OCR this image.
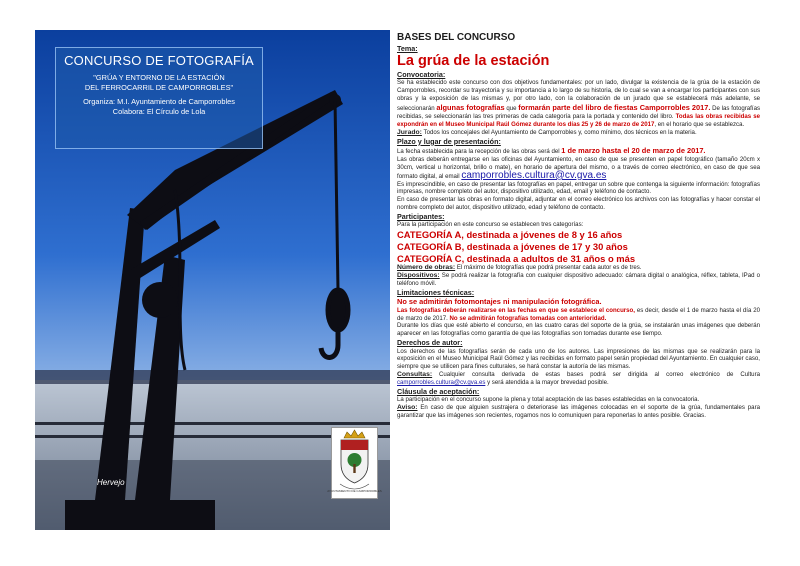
CONCURSO DE FOTOGRAFÍA
"GRÚA Y ENTORNO DE LA ESTACIÓN
DEL FERROCARRIL DE CAMPORROBLES"
Organiza: M.I. Ayuntamiento de Camporrobles
Colabora: El Círculo de Lola
Hervejo
AYUNTAMIENTO DE CAMPORROBLES

BASES DEL CONCURSO

Tema:

La grúa de la estación

Convocatoria:

Se ha establecido este concurso con dos objetivos fundamentales: por un lado, divulgar la existencia de la grúa de la estación de Camporrobles, recordar su trayectoria y su importancia a lo largo de su historia, de lo cual se van a encargar los participantes con sus obras y la exposición de las mismas y, por otro lado, con la colaboración de un jurado que se establecerá más adelante, se seleccionarán algunas fotografías que formarán parte del libro de fiestas Camporrobles 2017. De las fotografías recibidas, se seleccionarán las tres primeras de cada categoría para la portada y contenido del libro. Todas las obras recibidas se expondrán en el Museo Municipal Raúl Gómez durante los días 25 y 26 de marzo de 2017, en el horario que se establezca.

Jurado: Todos los concejales del Ayuntamiento de Camporrobles y, como mínimo, dos técnicos en la materia.

Plazo y lugar de presentación:

La fecha establecida para la recepción de las obras será del 1 de marzo hasta el 20 de marzo de 2017.

Las obras deberán entregarse en las oficinas del Ayuntamiento, en caso de que se presenten en papel fotográfico (tamaño 20cm x 30cm, vertical u horizontal, brillo o mate), en horario de apertura del mismo, o a través de correo electrónico, en caso de que sea formato digital, al email camporrobles.cultura@cv.gva.es

Es imprescindible, en caso de presentar las fotografías en papel, entregar un sobre que contenga la siguiente información: fotografías impresas, nombre completo del autor, dispositivo utilizado, edad, email y teléfono de contacto.

En caso de presentar las obras en formato digital, adjuntar en el correo electrónico los archivos con las fotografías y hacer constar el nombre completo del autor, dispositivo utilizado, edad y teléfono de contacto.

Participantes:

Para la participación en este concurso se establecen tres categorías:

CATEGORÍA A, destinada a jóvenes de 8 y 16 años

CATEGORÍA B, destinada a jóvenes de 17 y 30 años

CATEGORÍA C, destinada a adultos de 31 años o más

Número de obras: El máximo de fotografías que podrá presentar cada autor es de tres.

Dispositivos: Se podrá realizar la fotografía con cualquier dispositivo adecuado: cámara digital o analógica, réflex, tableta, IPad o teléfono móvil.

Limitaciones técnicas:

No se admitirán fotomontajes ni manipulación fotográfica.

Las fotografías deberán realizarse en las fechas en que se establece el concurso, es decir, desde el 1 de marzo hasta el día 20 de marzo de 2017. No se admitirán fotografías tomadas con anterioridad.

Durante los días que esté abierto el concurso, en las cuatro caras del soporte de la grúa, se instalarán unas imágenes que deberán aparecer en las fotografías como garantía de que las fotografías son tomadas durante ese tiempo.

Derechos de autor:

Los derechos de las fotografías serán de cada uno de los autores. Las impresiones de las mismas que se realizarán para la exposición en el Museo Municipal Raúl Gómez y las recibidas en formato papel serán propiedad del Ayuntamiento. En cualquier caso, siempre que se utilicen para fines culturales, se hará constar la autoría de las mismas.

Consultas: Cualquier consulta derivada de estas bases podrá ser dirigida al correo electrónico de Cultura camporrobles.cultura@cv.gva.es y será atendida a la mayor brevedad posible.

Cláusula de aceptación:

La participación en el concurso supone la plena y total aceptación de las bases establecidas en la convocatoria.

Aviso: En caso de que alguien sustrajera o deteriorase las imágenes colocadas en el soporte de la grúa, fundamentales para garantizar que las imágenes son recientes, rogamos nos lo comuniquen para reponerlas lo antes posible. Gracias.
